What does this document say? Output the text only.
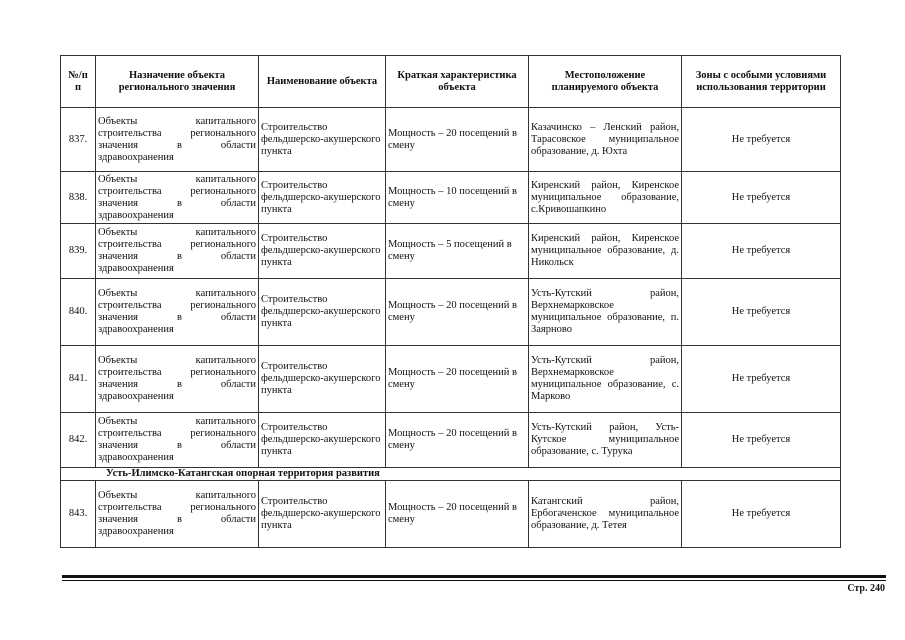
№/п п	Назначение объекта регионального значения	Наименование объекта	Краткая характеристика объекта	Местоположение планируемого объекта	Зоны с особыми условиями использования территории
837.	Объекты капитального строительства регионального значения в области здравоохранения	Строительство фельдшерско-акушерского пункта	Мощность – 20 посещений в смену	Казачинско – Ленский район, Тарасовское муниципальное образование, д. Юхта	Не требуется
838.	Объекты капитального строительства регионального значения в области здравоохранения	Строительство фельдшерско-акушерского пункта	Мощность – 10 посещений в смену	Киренский район, Киренское муниципальное образование, с.Кривошапкино	Не требуется
839.	Объекты капитального строительства регионального значения в области здравоохранения	Строительство фельдшерско-акушерского пункта	Мощность – 5 посещений в смену	Киренский район, Киренское муниципальное образование, д. Никольск	Не требуется
840.	Объекты капитального строительства регионального значения в области здравоохранения	Строительство фельдшерско-акушерского пункта	Мощность – 20 посещений в смену	Усть-Кутский район, Верхнемарковское муниципальное образование, п. Заярново	Не требуется
841.	Объекты капитального строительства регионального значения в области здравоохранения	Строительство фельдшерско-акушерского пункта	Мощность – 20 посещений в смену	Усть-Кутский район, Верхнемарковское муниципальное образование, с. Марково	Не требуется
842.	Объекты капитального строительства регионального значения в области здравоохранения	Строительство фельдшерско-акушерского пункта	Мощность – 20 посещений в смену	Усть-Кутский район, Усть-Кутское муниципальное образование, с. Турука	Не требуется
Усть-Илимско-Катангская опорная территория развития					
843.	Объекты капитального строительства регионального значения в области здравоохранения	Строительство фельдшерско-акушерского пункта	Мощность – 20 посещений в смену	Катангский район, Ербогаченское муниципальное образование, д. Тетея	Не требуется
Стр. 240
